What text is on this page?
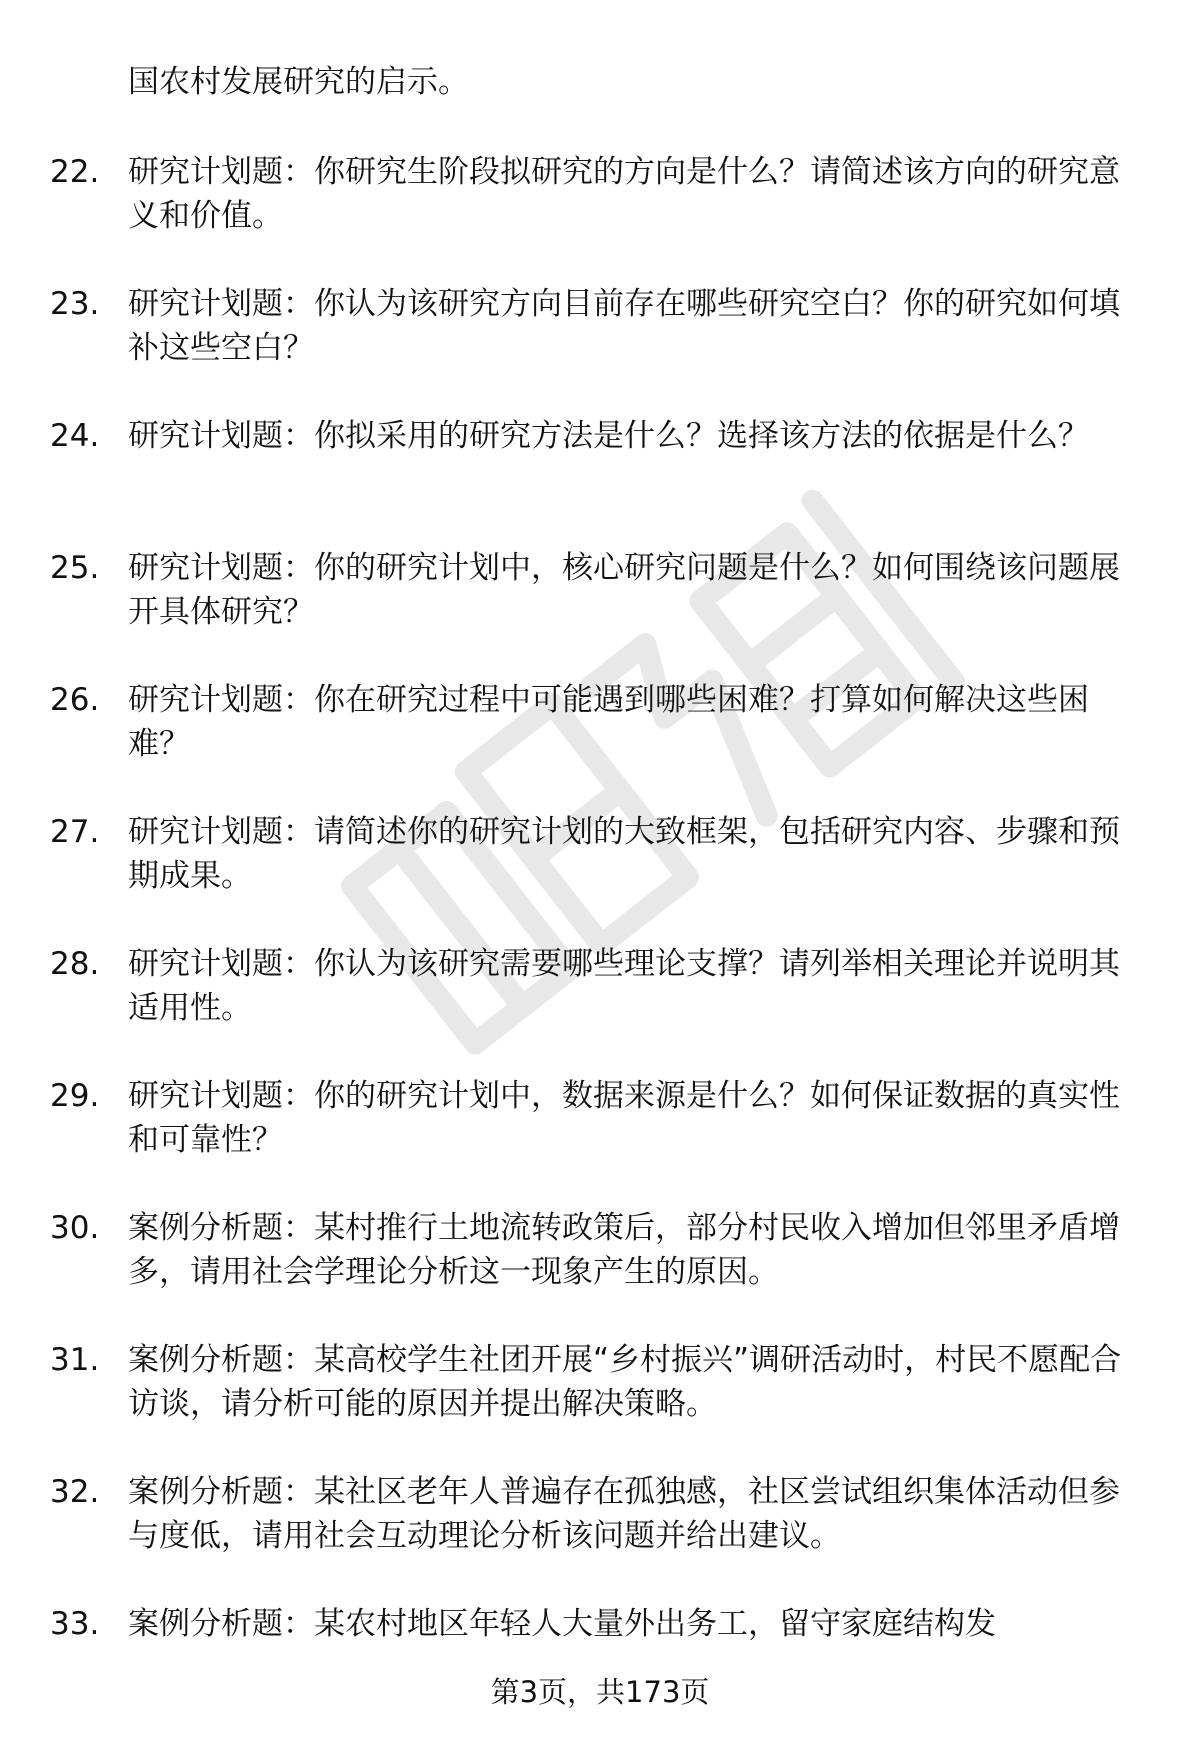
国农村发展研究的启示。
22. 研究计划题：你研究生阶段拟研究的方向是什么？请简述该方向的研究意义和价值。
23. 研究计划题：你认为该研究方向目前存在哪些研究空白？你的研究如何填补这些空白？
24. 研究计划题：你拟采用的研究方法是什么？选择该方法的依据是什么？
25. 研究计划题：你的研究计划中，核心研究问题是什么？如何围绕该问题展开具体研究？
26. 研究计划题：你在研究过程中可能遇到哪些困难？打算如何解决这些困难？
27. 研究计划题：请简述你的研究计划的大致框架，包括研究内容、步骤和预期成果。
28. 研究计划题：你认为该研究需要哪些理论支撑？请列举相关理论并说明其适用性。
29. 研究计划题：你的研究计划中，数据来源是什么？如何保证数据的真实性和可靠性？
30. 案例分析题：某村推行土地流转政策后，部分村民收入增加但邻里矛盾增多，请用社会学理论分析这一现象产生的原因。
31. 案例分析题：某高校学生社团开展“乡村振兴”调研活动时，村民不愿配合访谈，请分析可能的原因并提出解决策略。
32. 案例分析题：某社区老年人普遍存在孤独感，社区尝试组织集体活动但参与度低，请用社会互动理论分析该问题并给出建议。
33. 案例分析题：某农村地区年轻人大量外出务工，留守家庭结构发
第3页，共173页
